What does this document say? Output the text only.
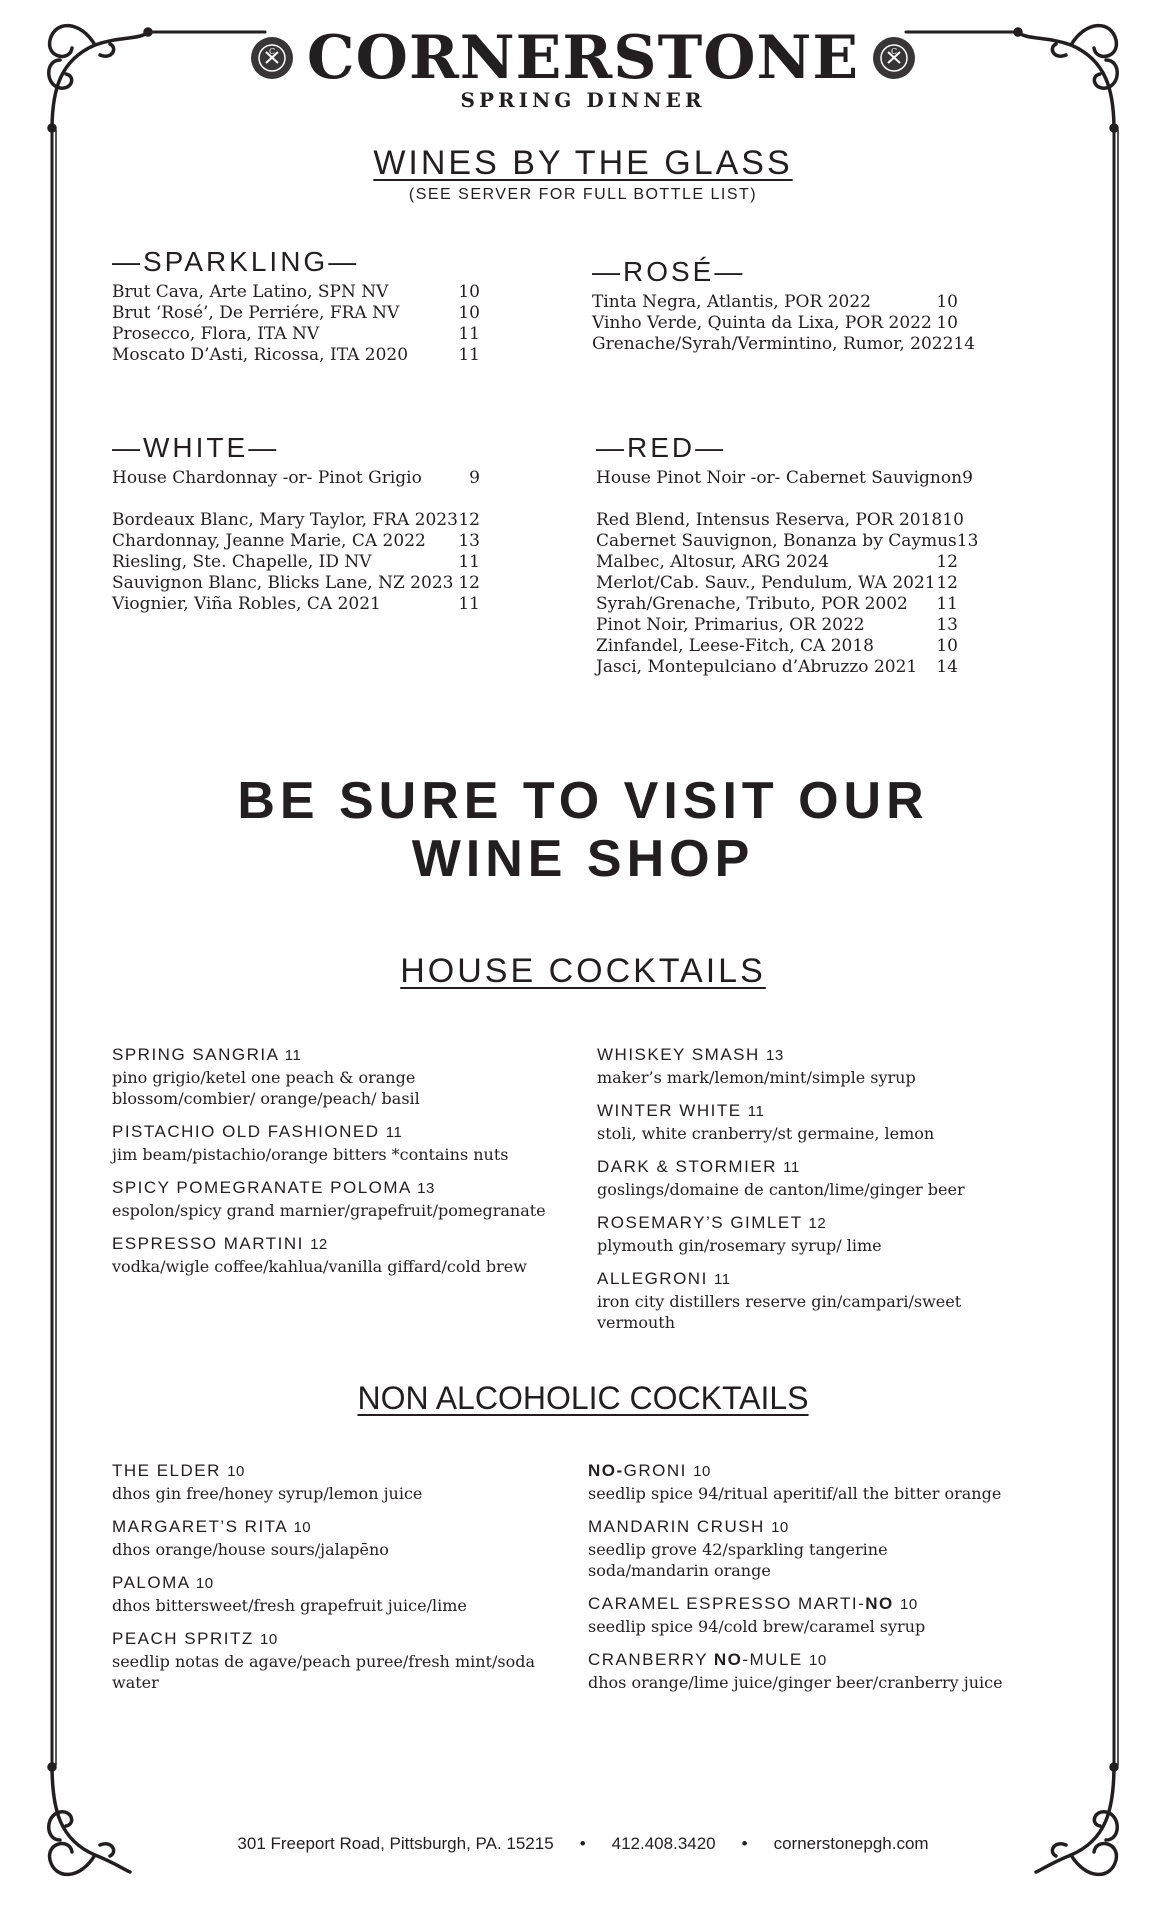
C CORNERSTONE	C
SPRING DINNER
WINES BY THE GLASS
(SEE SERVER FOR FULL BOTTLE LIST)
—SPARKLING—
Brut Cava, Arte Latino, SPN NV	10
Brut ‘Rosé’, De Perriére, FRA NV	10
Prosecco, Flora, ITA NV	11
Moscato D’Asti, Ricossa, ITA 2020	11
—ROSÉ—
Tinta Negra, Atlantis, POR 2022	10
Vinho Verde, Quinta da Lixa, POR 2022 10
Grenache/Syrah/Vermintino, Rumor, 2022 14
—WHITE—
House Chardonnay -or- Pinot Grigio	9
Bordeaux Blanc, Mary Taylor, FRA 2023 12
Chardonnay, Jeanne Marie, CA 2022	13
Riesling, Ste. Chapelle, ID NV	11
Sauvignon Blanc, Blicks Lane, NZ 2023 12
Viognier, Viña Robles, CA 2021	11
—RED—
House Pinot Noir -or- Cabernet Sauvignon 9
Red Blend, Intensus Reserva, POR 2018 10
Cabernet Sauvignon, Bonanza by Caymus 13
Malbec, Altosur, ARG 2024	12
Merlot/Cab. Sauv., Pendulum, WA 2021 12
Syrah/Grenache, Tributo, POR 2002	11
Pinot Noir, Primarius, OR 2022	13
Zinfandel, Leese-Fitch, CA 2018	10
Jasci, Montepulciano d’Abruzzo 2021	14
BE SURE TO VISIT OUR
WINE SHOP
HOUSE COCKTAILS
SPRING SANGRIA 11
pino grigio/ketel one peach & orange blossom/combier/ orange/peach/ basil
PISTACHIO OLD FASHIONED 11
jim beam/pistachio/orange bitters *contains nuts
SPICY POMEGRANATE POLOMA 13
espolon/spicy grand marnier/grapefruit/pomegranate
ESPRESSO MARTINI 12
vodka/wigle coffee/kahlua/vanilla giffard/cold brew
WHISKEY SMASH 13
maker’s mark/lemon/mint/simple syrup
WINTER WHITE 11
stoli, white cranberry/st germaine, lemon
DARK & STORMIER 11
goslings/domaine de canton/lime/ginger beer
ROSEMARY’S GIMLET 12
plymouth gin/rosemary syrup/ lime
ALLEGRONI 11
iron city distillers reserve gin/campari/sweet vermouth
NON ALCOHOLIC COCKTAILS
THE ELDER 10
dhos gin free/honey syrup/lemon juice
MARGARET’S RITA 10
dhos orange/house sours/jalapēno
PALOMA 10
dhos bittersweet/fresh grapefruit juice/lime
PEACH SPRITZ 10
seedlip notas de agave/peach puree/fresh mint/soda water
NO-GRONI 10
seedlip spice 94/ritual aperitif/all the bitter orange
MANDARIN CRUSH 10
seedlip grove 42/sparkling tangerine soda/mandarin orange
CARAMEL ESPRESSO MARTI-NO 10
seedlip spice 94/cold brew/caramel syrup
CRANBERRY NO-MULE 10
dhos orange/lime juice/ginger beer/cranberry juice
301 Freeport Road, Pittsburgh, PA. 15215 • 412.408.3420 • cornerstonepgh.com
